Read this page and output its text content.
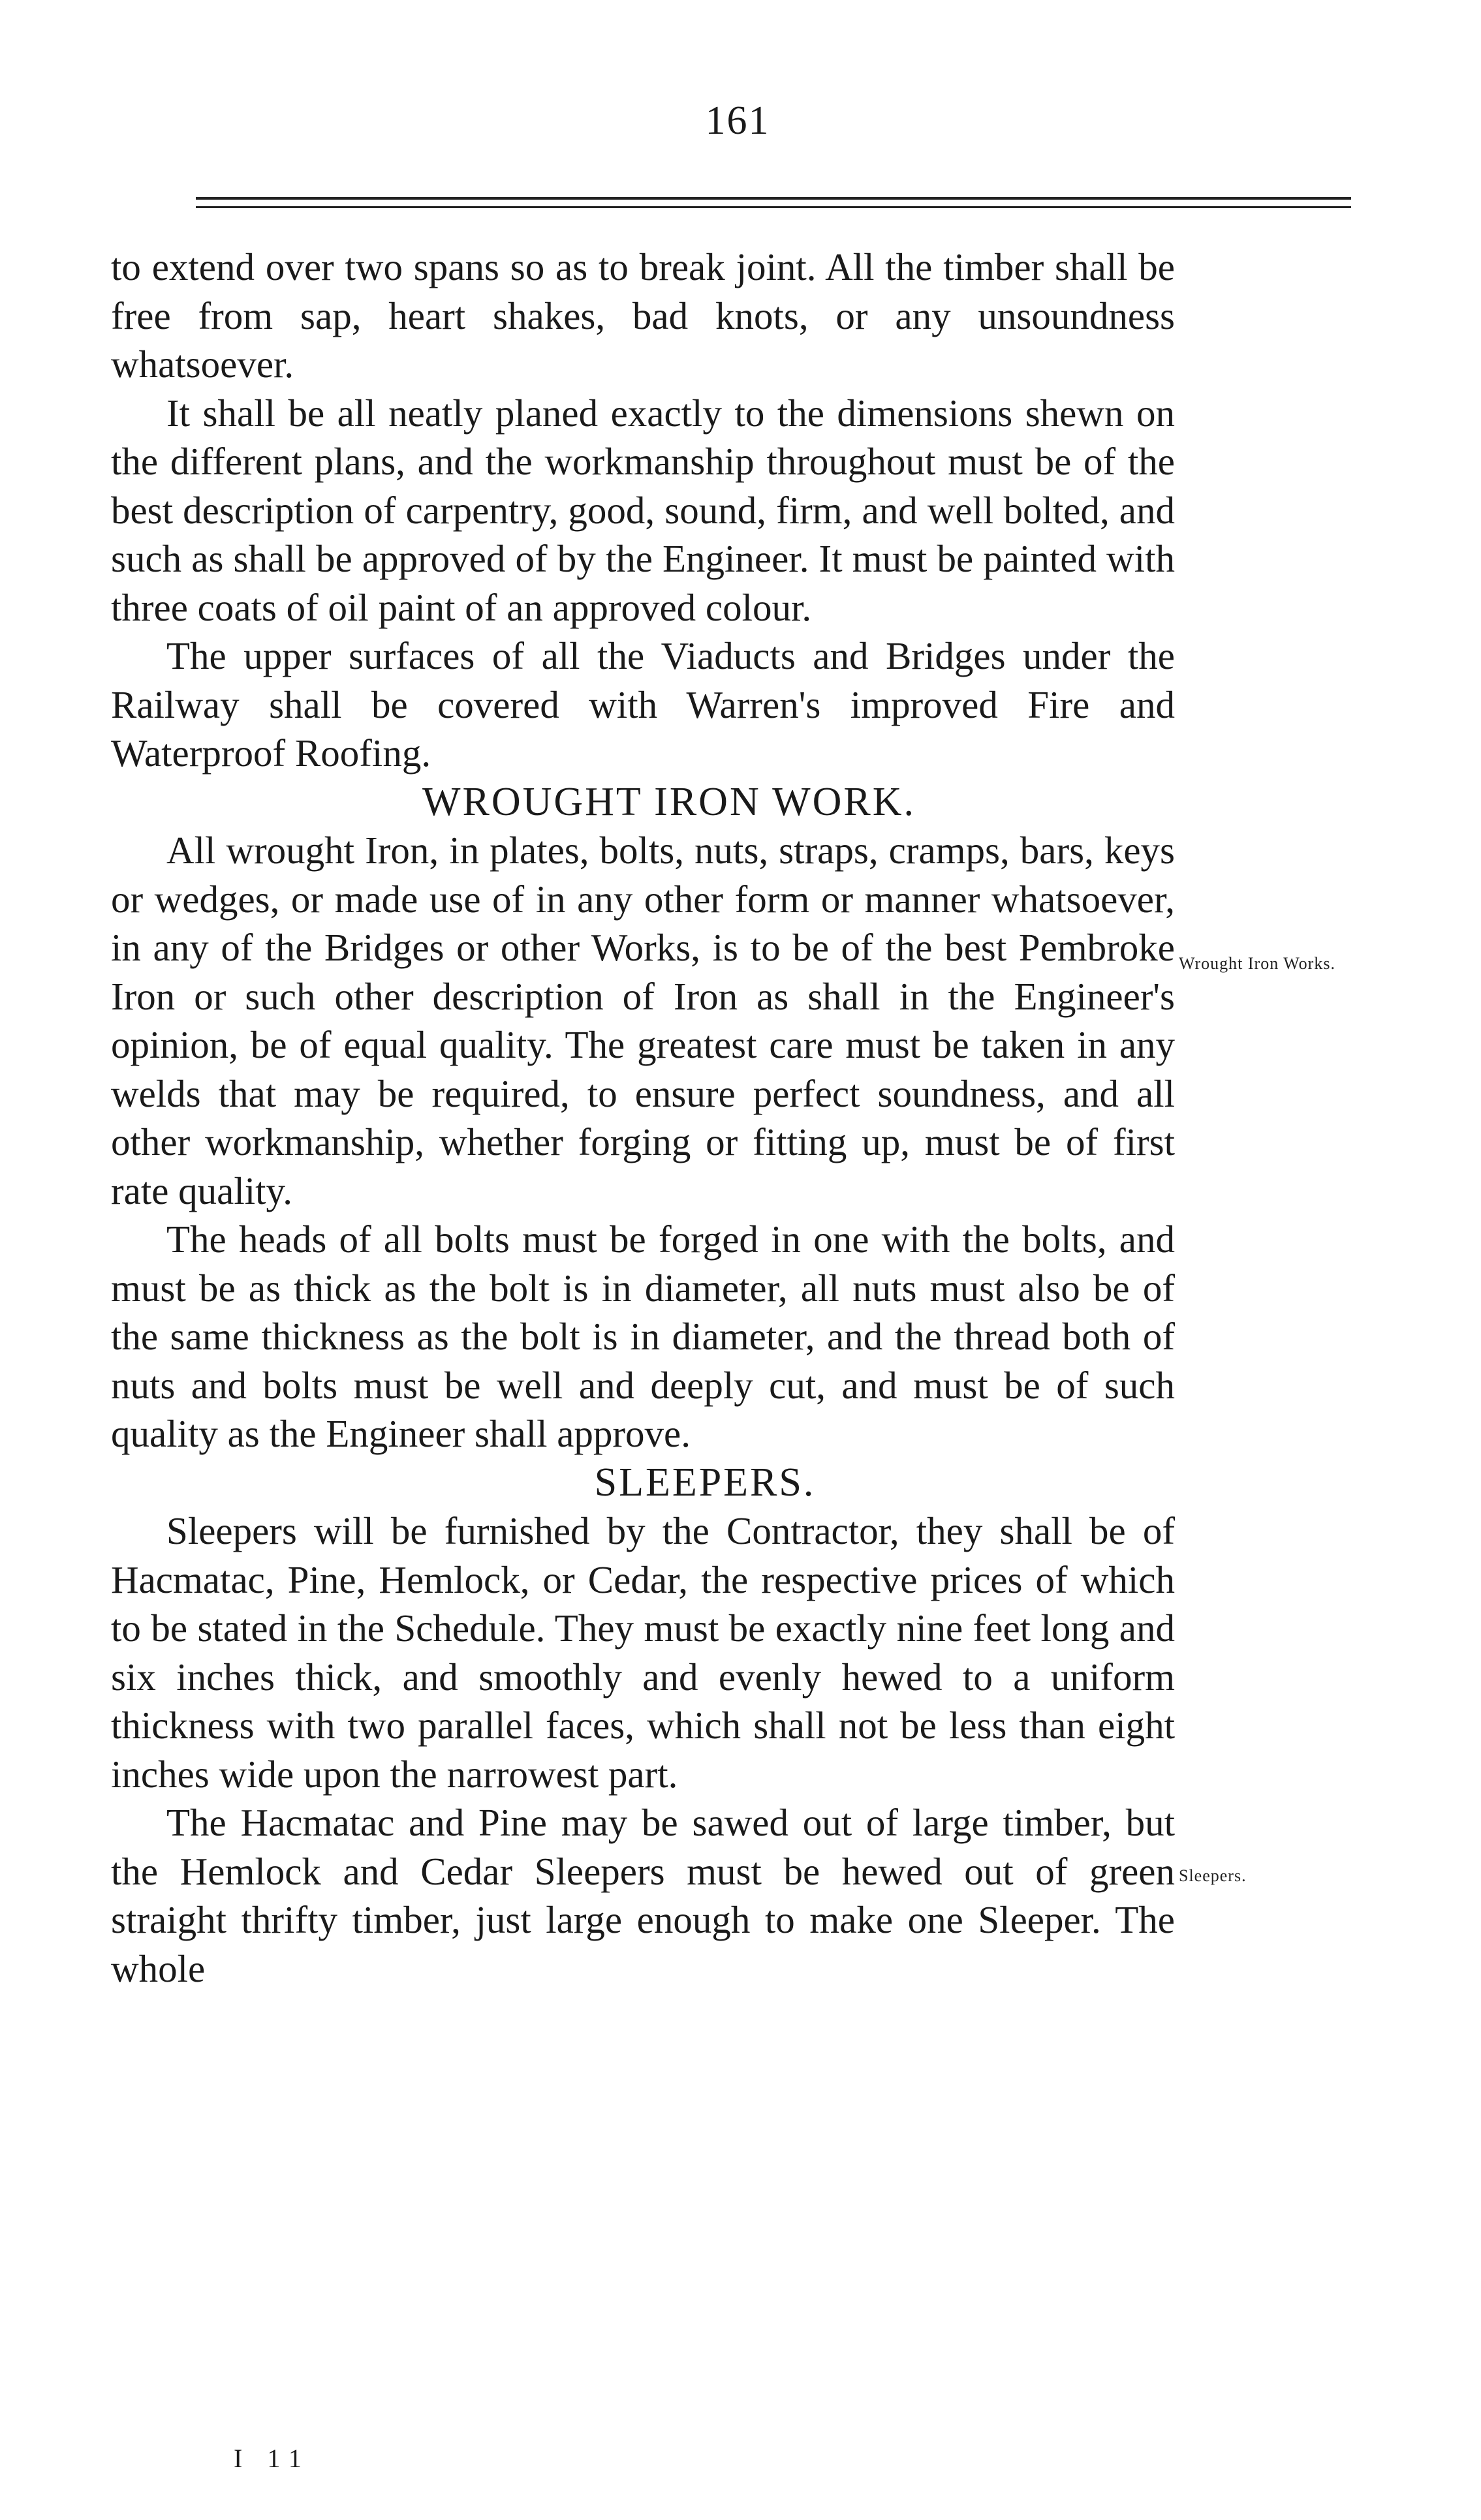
161

to extend over two spans so as to break joint. All the timber shall be free from sap, heart shakes, bad knots, or any unsoundness whatsoever.

It shall be all neatly planed exactly to the dimensions shewn on the different plans, and the workmanship throughout must be of the best description of carpentry, good, sound, firm, and well bolted, and such as shall be approved of by the Engineer. It must be painted with three coats of oil paint of an approved colour.

The upper surfaces of all the Viaducts and Bridges under the Railway shall be covered with Warren's improved Fire and Waterproof Roofing.

WROUGHT IRON WORK.

All wrought Iron, in plates, bolts, nuts, straps, cramps, bars, keys or wedges, or made use of in any other form or manner whatsoever, in any of the Bridges or other Works, is to be of the best Pembroke Iron or such other description of Iron as shall in the Engineer's opinion, be of equal quality. The greatest care must be taken in any welds that may be required, to ensure perfect soundness, and all other workmanship, whether forging or fitting up, must be of first rate quality.

The heads of all bolts must be forged in one with the bolts, and must be as thick as the bolt is in diameter, all nuts must also be of the same thickness as the bolt is in diameter, and the thread both of nuts and bolts must be well and deeply cut, and must be of such quality as the Engineer shall approve.

SLEEPERS.

Sleepers will be furnished by the Contractor, they shall be of Hacmatac, Pine, Hemlock, or Cedar, the respective prices of which to be stated in the Schedule. They must be exactly nine feet long and six inches thick, and smoothly and evenly hewed to a uniform thickness with two parallel faces, which shall not be less than eight inches wide upon the narrowest part.

The Hacmatac and Pine may be sawed out of large timber, but the Hemlock and Cedar Sleepers must be hewed out of green straight thrifty timber, just large enough to make one Sleeper. The whole

Wrought Iron Works.
Sleepers.
I 11
